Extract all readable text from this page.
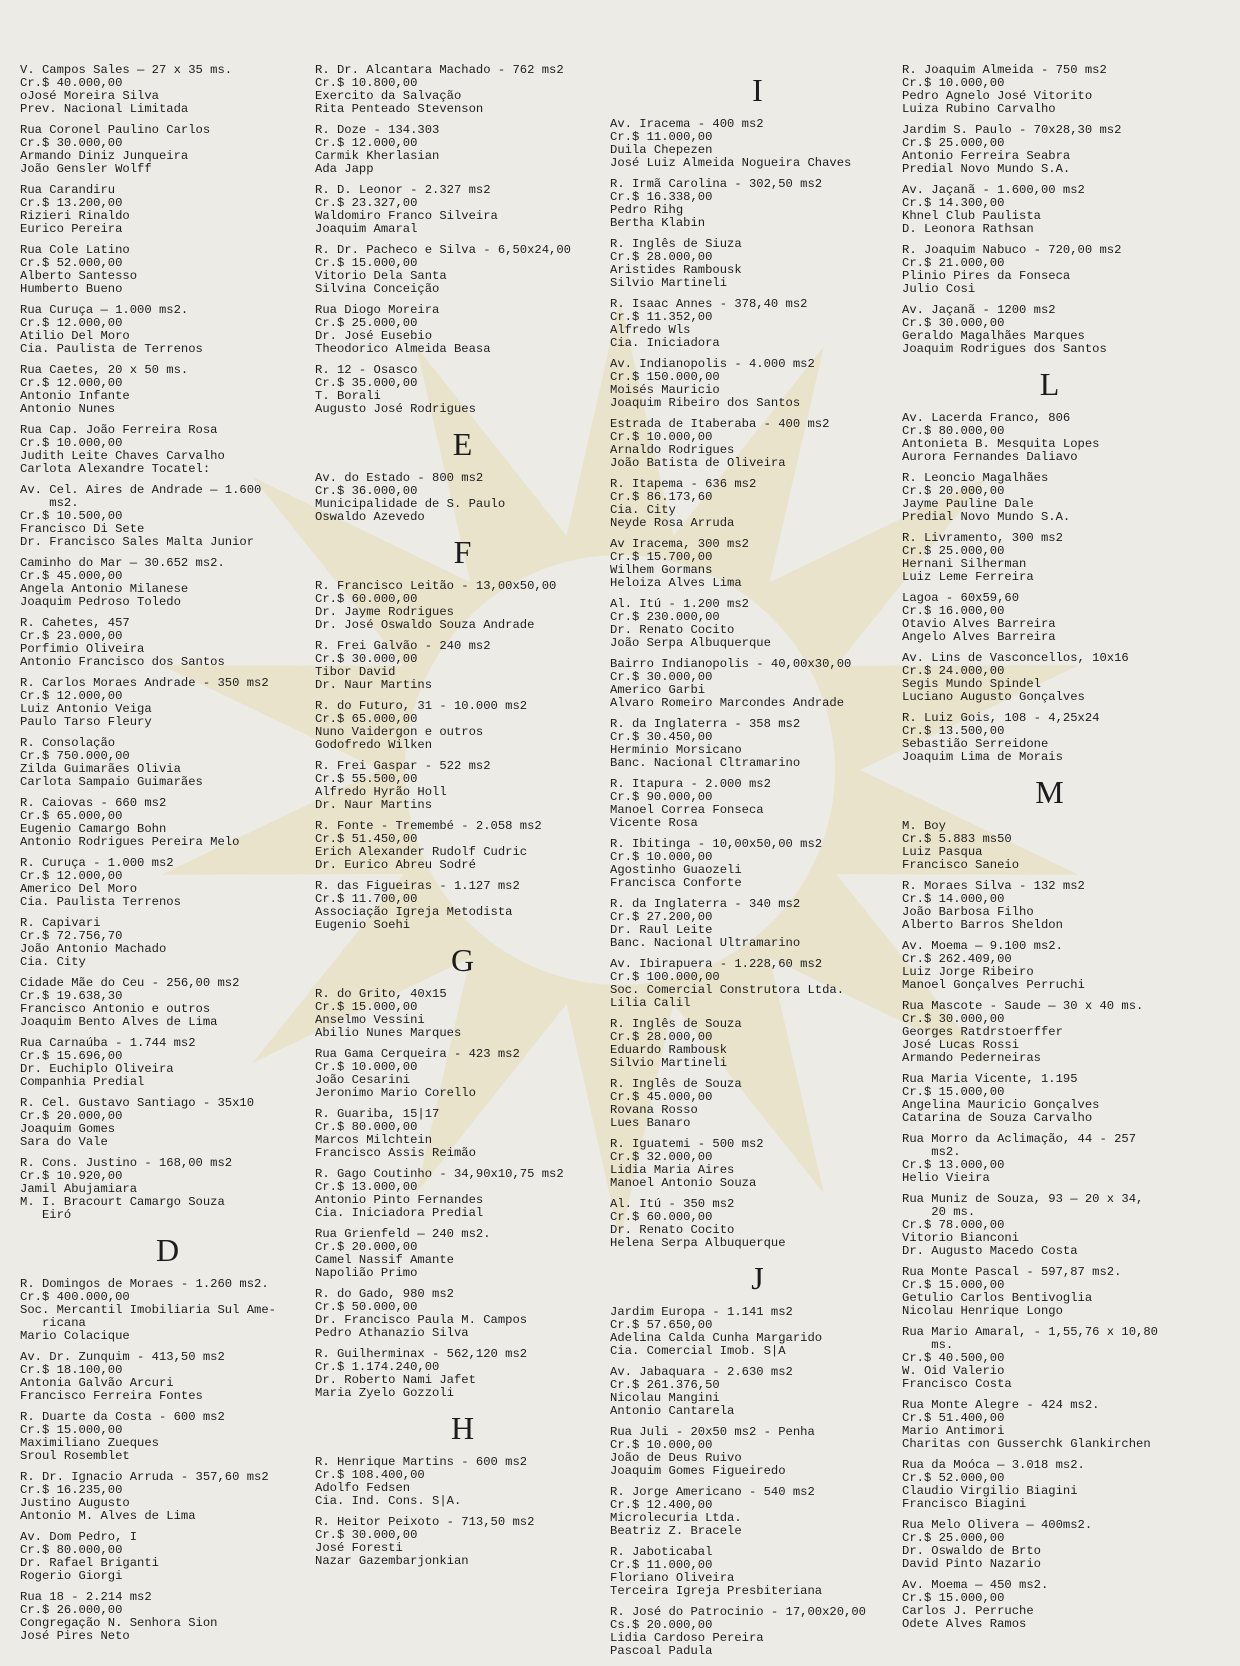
V. Campos Sales — 27 x 35 ms.
Cr.$ 40.000,00
oJosé Moreira Silva
Prev. Nacional Limitada
Rua Coronel Paulino Carlos
Cr.$ 30.000,00
Armando Diniz Junqueira
João Gensler Wolff
Rua Carandiru
Cr.$ 13.200,00
Rizieri Rinaldo
Eurico Pereira
Rua Cole Latino
Cr.$ 52.000,00
Alberto Santesso
Humberto Bueno
Rua Curuça — 1.000 ms2.
Cr.$ 12.000,00
Atilio Del Moro
Cia. Paulista de Terrenos
Rua Caetes, 20 x 50 ms.
Cr.$ 12.000,00
Antonio Infante
Antonio Nunes
Rua Cap. João Ferreira Rosa
Cr.$ 10.000,00
Judith Leite Chaves Carvalho
Carlota Alexandre Tocatel:
Av. Cel. Aires de Andrade — 1.600
ms2.
Cr.$ 10.500,00
Francisco Di Sete
Dr. Francisco Sales Malta Junior
Caminho do Mar — 30.652 ms2.
Cr.$ 45.000,00
Angela Antonio Milanese
Joaquim Pedroso Toledo
R. Cahetes, 457
Cr.$ 23.000,00
Porfimio Oliveira
Antonio Francisco dos Santos
R. Carlos Moraes Andrade - 350 ms2
Cr.$ 12.000,00
Luiz Antonio Veiga
Paulo Tarso Fleury
R. Consolação
Cr.$ 750.000,00
Zilda Guimarães Olivia
Carlota Sampaio Guimarães
R. Caiovas - 660 ms2
Cr.$ 65.000,00
Eugenio Camargo Bohn
Antonio Rodrigues Pereira Melo
R. Curuça - 1.000 ms2
Cr.$ 12.000,00
Americo Del Moro
Cia. Paulista Terrenos
R. Capivari
Cr.$ 72.756,70
João Antonio Machado
Cia. City
Cidade Mãe do Ceu - 256,00 ms2
Cr.$ 19.638,30
Francisco Antonio e outros
Joaquim Bento Alves de Lima
Rua Carnaúba - 1.744 ms2
Cr.$ 15.696,00
Dr. Euchiplo Oliveira
Companhia Predial
R. Cel. Gustavo Santiago - 35x10
Cr.$ 20.000,00
Joaquim Gomes
Sara do Vale
R. Cons. Justino - 168,00 ms2
Cr.$ 10.920,00
Jamil Abujamiara
M. I. Bracourt Camargo Souza
Eiró
D
R. Domingos de Moraes - 1.260 ms2.
Cr.$ 400.000,00
Soc. Mercantil Imobiliaria Sul Ame-
ricana
Mario Colacique
Av. Dr. Zunquim - 413,50 ms2
Cr.$ 18.100,00
Antonia Galvão Arcuri
Francisco Ferreira Fontes
R. Duarte da Costa - 600 ms2
Cr.$ 15.000,00
Maximiliano Zueques
Sroul Rosemblet
R. Dr. Ignacio Arruda - 357,60 ms2
Cr.$ 16.235,00
Justino Augusto
Antonio M. Alves de Lima
Av. Dom Pedro, I
Cr.$ 80.000,00
Dr. Rafael Briganti
Rogerio Giorgi
Rua 18 - 2.214 ms2
Cr.$ 26.000,00
Congregação N. Senhora Sion
José Pires Neto
R. Dr. Alcantara Machado - 762 ms2
Cr.$ 10.800,00
Exercito da Salvação
Rita Penteado Stevenson
R. Doze - 134.303
Cr.$ 12.000,00
Carmik Kherlasian
Ada Japp
R. D. Leonor - 2.327 ms2
Cr.$ 23.327,00
Waldomiro Franco Silveira
Joaquim Amaral
R. Dr. Pacheco e Silva - 6,50x24,00
Cr.$ 15.000,00
Vitorio Dela Santa
Silvina Conceição
Rua Diogo Moreira
Cr.$ 25.000,00
Dr. José Eusebio
Theodorico Almeida Beasa
R. 12 - Osasco
Cr.$ 35.000,00
T. Borali
Augusto José Rodrigues
E
Av. do Estado - 800 ms2
Cr.$ 36.000,00
Municipalidade de S. Paulo
Oswaldo Azevedo
F
R. Francisco Leitão - 13,00x50,00
Cr.$ 60.000,00
Dr. Jayme Rodrigues
Dr. José Oswaldo Souza Andrade
R. Frei Galvão - 240 ms2
Cr.$ 30.000,00
Tibor David
Dr. Naur Martins
R. do Futuro, 31 - 10.000 ms2
Cr.$ 65.000,00
Nuno Vaidergon e outros
Godofredo Wilken
R. Frei Gaspar - 522 ms2
Cr.$ 55.500,00
Alfredo Hyrão Holl
Dr. Naur Martins
R. Fonte - Tremembé - 2.058 ms2
Cr.$ 51.450,00
Erich Alexander Rudolf Cudric
Dr. Eurico Abreu Sodré
R. das Figueiras - 1.127 ms2
Cr.$ 11.700,00
Associação Igreja Metodista
Eugenio Soehi
G
R. do Grito, 40x15
Cr.$ 15.000,00
Anselmo Vessini
Abilio Nunes Marques
Rua Gama Cerqueira - 423 ms2
Cr.$ 10.000,00
João Cesarini
Jeronimo Mario Corello
R. Guariba, 15|17
Cr.$ 80.000,00
Marcos Milchtein
Francisco Assis Reimão
R. Gago Coutinho - 34,90x10,75 ms2
Cr.$ 13.000,00
Antonio Pinto Fernandes
Cia. Iniciadora Predial
Rua Grienfeld — 240 ms2.
Cr.$ 20.000,00
Camel Nassif Amante
Napolião Primo
R. do Gado, 980 ms2
Cr.$ 50.000,00
Dr. Francisco Paula M. Campos
Pedro Athanazio Silva
R. Guilherminax - 562,120 ms2
Cr.$ 1.174.240,00
Dr. Roberto Nami Jafet
Maria Zyelo Gozzoli
H
R. Henrique Martins - 600 ms2
Cr.$ 108.400,00
Adolfo Fedsen
Cia. Ind. Cons. S|A.
R. Heitor Peixoto - 713,50 ms2
Cr.$ 30.000,00
José Foresti
Nazar Gazembarjonkian
I
Av. Iracema - 400 ms2
Cr.$ 11.000,00
Duila Chepezen
José Luiz Almeida Nogueira Chaves
R. Irmã Carolina - 302,50 ms2
Cr.$ 16.338,00
Pedro Rihg
Bertha Klabin
R. Inglês de Siuza
Cr.$ 28.000,00
Aristides Rambousk
Silvio Martineli
R. Isaac Annes - 378,40 ms2
Cr.$ 11.352,00
Alfredo Wls
Cia. Iniciadora
Av. Indianopolis - 4.000 ms2
Cr.$ 150.000,00
Moisés Mauricio
Joaquim Ribeiro dos Santos
Estrada de Itaberaba - 400 ms2
Cr.$ 10.000,00
Arnaldo Rodrigues
João Batista de Oliveira
R. Itapema - 636 ms2
Cr.$ 86.173,60
Cia. City
Neyde Rosa Arruda
Av Iracema, 300 ms2
Cr.$ 15.700,00
Wilhem Gormans
Heloiza Alves Lima
Al. Itú - 1.200 ms2
Cr.$ 230.000,00
Dr. Renato Cocito
João Serpa Albuquerque
Bairro Indianopolis - 40,00x30,00
Cr.$ 30.000,00
Americo Garbi
Alvaro Romeiro Marcondes Andrade
R. da Inglaterra - 358 ms2
Cr.$ 30.450,00
Herminio Morsicano
Banc. Nacional Cltramarino
R. Itapura - 2.000 ms2
Cr.$ 90.000,00
Manoel Correa Fonseca
Vicente Rosa
R. Ibitinga - 10,00x50,00 ms2
Cr.$ 10.000,00
Agostinho Guaozeli
Francisca Conforte
R. da Inglaterra - 340 ms2
Cr.$ 27.200,00
Dr. Raul Leite
Banc. Nacional Ultramarino
Av. Ibirapuera - 1.228,60 ms2
Cr.$ 100.000,00
Soc. Comercial Construtora Ltda.
Lilia Calil
R. Inglês de Souza
Cr.$ 28.000,00
Eduardo Rambousk
Silvio Martineli
R. Inglês de Souza
Cr.$ 45.000,00
Rovana Rosso
Lues Banaro
R. Iguatemi - 500 ms2
Cr.$ 32.000,00
Lidia Maria Aires
Manoel Antonio Souza
Al. Itú - 350 ms2
Cr.$ 60.000,00
Dr. Renato Cocito
Helena Serpa Albuquerque
J
Jardim Europa - 1.141 ms2
Cr.$ 57.650,00
Adelina Calda Cunha Margarido
Cia. Comercial Imob. S|A
Av. Jabaquara - 2.630 ms2
Cr.$ 261.376,50
Nicolau Mangini
Antonio Cantarela
Rua Juli - 20x50 ms2 - Penha
Cr.$ 10.000,00
João de Deus Ruivo
Joaquim Gomes Figueiredo
R. Jorge Americano - 540 ms2
Cr.$ 12.400,00
Microlecuria Ltda.
Beatriz Z. Bracele
R. Jaboticabal
Cr.$ 11.000,00
Floriano Oliveira
Terceira Igreja Presbiteriana
R. José do Patrocinio - 17,00x20,00
Cs.$ 20.000,00
Lidia Cardoso Pereira
Pascoal Padula
R. Joaquim Almeida - 750 ms2
Cr.$ 10.000,00
Pedro Agnelo José Vitorito
Luiza Rubino Carvalho
Jardim S. Paulo - 70x28,30 ms2
Cr.$ 25.000,00
Antonio Ferreira Seabra
Predial Novo Mundo S.A.
Av. Jaçanã - 1.600,00 ms2
Cr.$ 14.300,00
Khnel Club Paulista
D. Leonora Rathsan
R. Joaquim Nabuco - 720,00 ms2
Cr.$ 21.000,00
Plinio Pires da Fonseca
Julio Cosi
Av. Jaçanã - 1200 ms2
Cr.$ 30.000,00
Geraldo Magalhães Marques
Joaquim Rodrigues dos Santos
L
Av. Lacerda Franco, 806
Cr.$ 80.000,00
Antonieta B. Mesquita Lopes
Aurora Fernandes Daliavo
R. Leoncio Magalhães
Cr.$ 20.000,00
Jayme Pauline Dale
Predial Novo Mundo S.A.
R. Livramento, 300 ms2
Cr.$ 25.000,00
Hernani Silherman
Luiz Leme Ferreira
Lagoa - 60x59,60
Cr.$ 16.000,00
Otavio Alves Barreira
Angelo Alves Barreira
Av. Lins de Vasconcellos, 10x16
Cr.$ 24.000,00
Segis Mundo Spindel
Luciano Augusto Gonçalves
R. Luiz Gois, 108 - 4,25x24
Cr.$ 13.500,00
Sebastião Serreidone
Joaquim Lima de Morais
M
M. Boy
Cr.$ 5.883 ms50
Luiz Pasqua
Francisco Saneio
R. Moraes Silva - 132 ms2
Cr.$ 14.000,00
João Barbosa Filho
Alberto Barros Sheldon
Av. Moema — 9.100 ms2.
Cr.$ 262.409,00
Luiz Jorge Ribeiro
Manoel Gonçalves Perruchi
Rua Mascote - Saude — 30 x 40 ms.
Cr.$ 30.000,00
Georges Ratdrstoerffer
José Lucas Rossi
Armando Pederneiras
Rua Maria Vicente, 1.195
Cr.$ 15.000,00
Angelina Mauricio Gonçalves
Catarina de Souza Carvalho
Rua Morro da Aclimação, 44 - 257
ms2.
Cr.$ 13.000,00
Helio Vieira
Rua Muniz de Souza, 93 — 20 x 34,
20 ms.
Cr.$ 78.000,00
Vitorio Bianconi
Dr. Augusto Macedo Costa
Rua Monte Pascal - 597,87 ms2.
Cr.$ 15.000,00
Getulio Carlos Bentivoglia
Nicolau Henrique Longo
Rua Mario Amaral, - 1,55,76 x 10,80
ms.
Cr.$ 40.500,00
W. Oid Valerio
Francisco Costa
Rua Monte Alegre - 424 ms2.
Cr.$ 51.400,00
Mario Antimori
Charitas con Gusserchk Glankirchen
Rua da Moóca — 3.018 ms2.
Cr.$ 52.000,00
Claudio Virgilio Biagini
Francisco Biagini
Rua Melo Olivera — 400ms2.
Cr.$ 25.000,00
Dr. Oswaldo de Brto
David Pinto Nazario
Av. Moema — 450 ms2.
Cr.$ 15.000,00
Carlos J. Perruche
Odete Alves Ramos
